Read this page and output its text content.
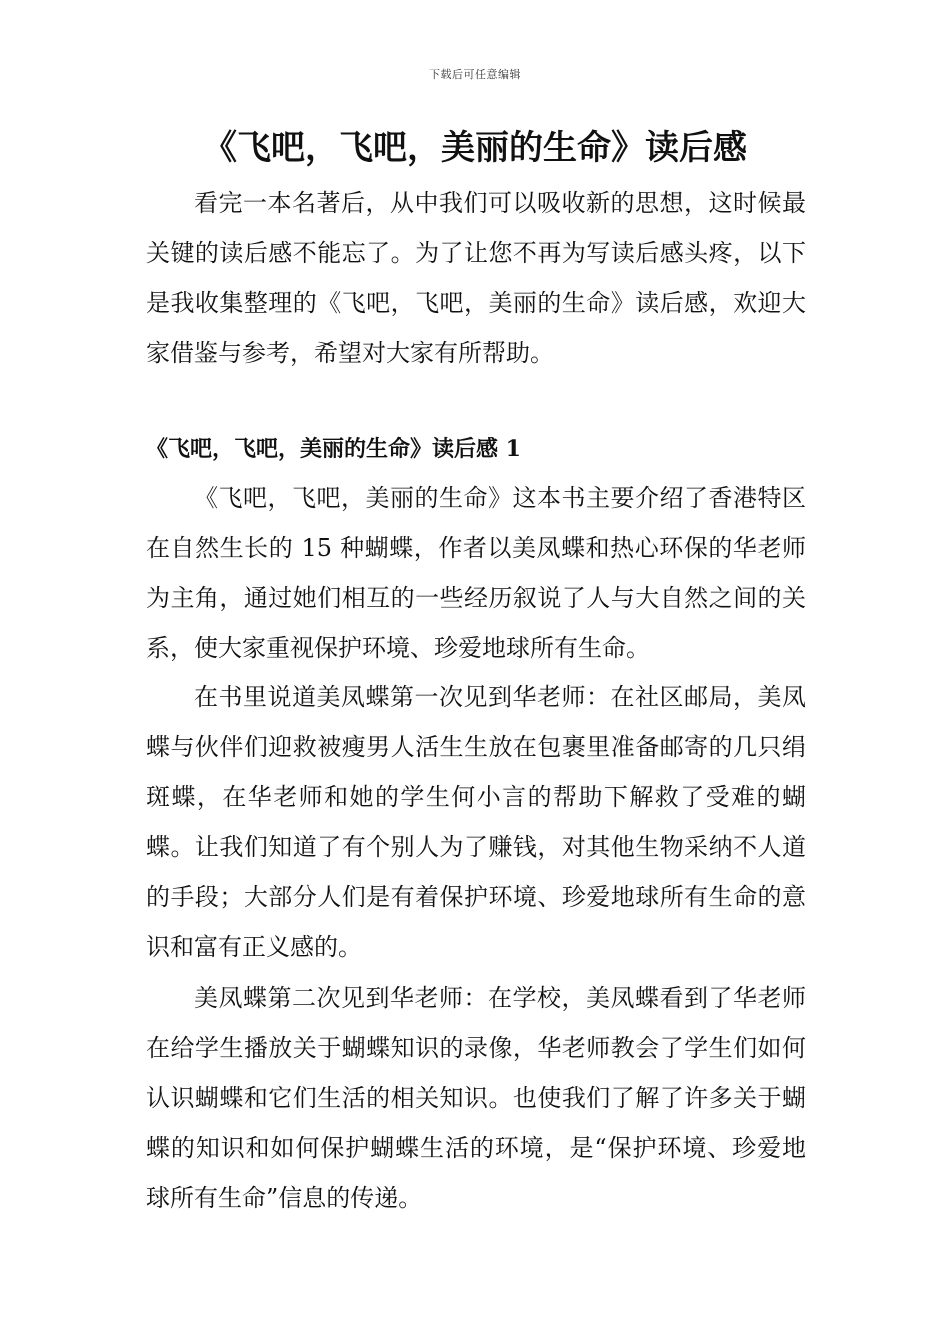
下载后可任意编辑
《飞吧，飞吧，美丽的生命》读后感

看完一本名著后，从中我们可以吸收新的思想，这时候最关键的读后感不能忘了。为了让您不再为写读后感头疼，以下是我收集整理的《飞吧，飞吧，美丽的生命》读后感，欢迎大家借鉴与参考，希望对大家有所帮助。

《飞吧，飞吧，美丽的生命》读后感 1

《飞吧，飞吧，美丽的生命》这本书主要介绍了香港特区在自然生长的 15 种蝴蝶，作者以美凤蝶和热心环保的华老师为主角，通过她们相互的一些经历叙说了人与大自然之间的关系，使大家重视保护环境、珍爱地球所有生命。

在书里说道美凤蝶第一次见到华老师：在社区邮局，美凤蝶与伙伴们迎救被瘦男人活生生放在包裹里准备邮寄的几只绢斑蝶，在华老师和她的学生何小言的帮助下解救了受难的蝴蝶。让我们知道了有个别人为了赚钱，对其他生物采纳不人道的手段；大部分人们是有着保护环境、珍爱地球所有生命的意识和富有正义感的。

美凤蝶第二次见到华老师：在学校，美凤蝶看到了华老师在给学生播放关于蝴蝶知识的录像，华老师教会了学生们如何认识蝴蝶和它们生活的相关知识。也使我们了解了许多关于蝴蝶的知识和如何保护蝴蝶生活的环境，是“保护环境、珍爱地球所有生命”信息的传递。
